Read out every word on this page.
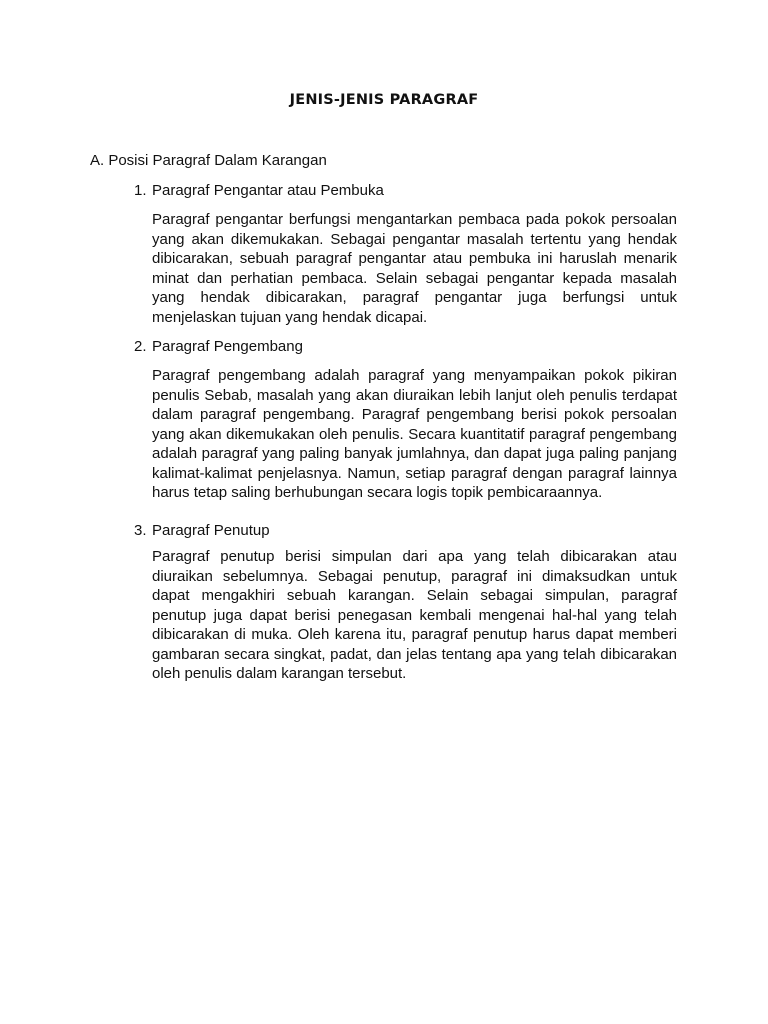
JENIS-JENIS PARAGRAF

A. Posisi Paragraf Dalam Karangan

1. Paragraf Pengantar atau Pembuka

Paragraf pengantar berfungsi mengantarkan pembaca pada pokok persoalan yang akan dikemukakan. Sebagai pengantar masalah tertentu yang hendak dibicarakan, sebuah paragraf pengantar atau pembuka ini haruslah menarik minat dan perhatian pembaca. Selain sebagai pengantar kepada masalah yang hendak dibicarakan, paragraf pengantar juga berfungsi untuk menjelaskan tujuan yang hendak dicapai.

2. Paragraf Pengembang

Paragraf pengembang adalah paragraf yang menyampaikan pokok pikiran penulis Sebab, masalah yang akan diuraikan lebih lanjut oleh penulis terdapat dalam paragraf pengembang. Paragraf pengembang berisi pokok persoalan yang akan dikemukakan oleh penulis. Secara kuantitatif paragraf pengembang adalah paragraf yang paling banyak jumlahnya, dan dapat juga paling panjang kalimat-kalimat penjelasnya. Namun, setiap paragraf dengan paragraf lainnya harus tetap saling berhubungan secara logis topik pembicaraannya.

3. Paragraf Penutup

Paragraf penutup berisi simpulan dari apa yang telah dibicarakan atau diuraikan sebelumnya. Sebagai penutup, paragraf ini dimaksudkan untuk dapat mengakhiri sebuah karangan. Selain sebagai simpulan, paragraf penutup juga dapat berisi penegasan kembali mengenai hal-hal yang telah dibicarakan di muka. Oleh karena itu, paragraf penutup harus dapat memberi gambaran secara singkat, padat, dan jelas tentang apa yang telah dibicarakan oleh penulis dalam karangan tersebut.
